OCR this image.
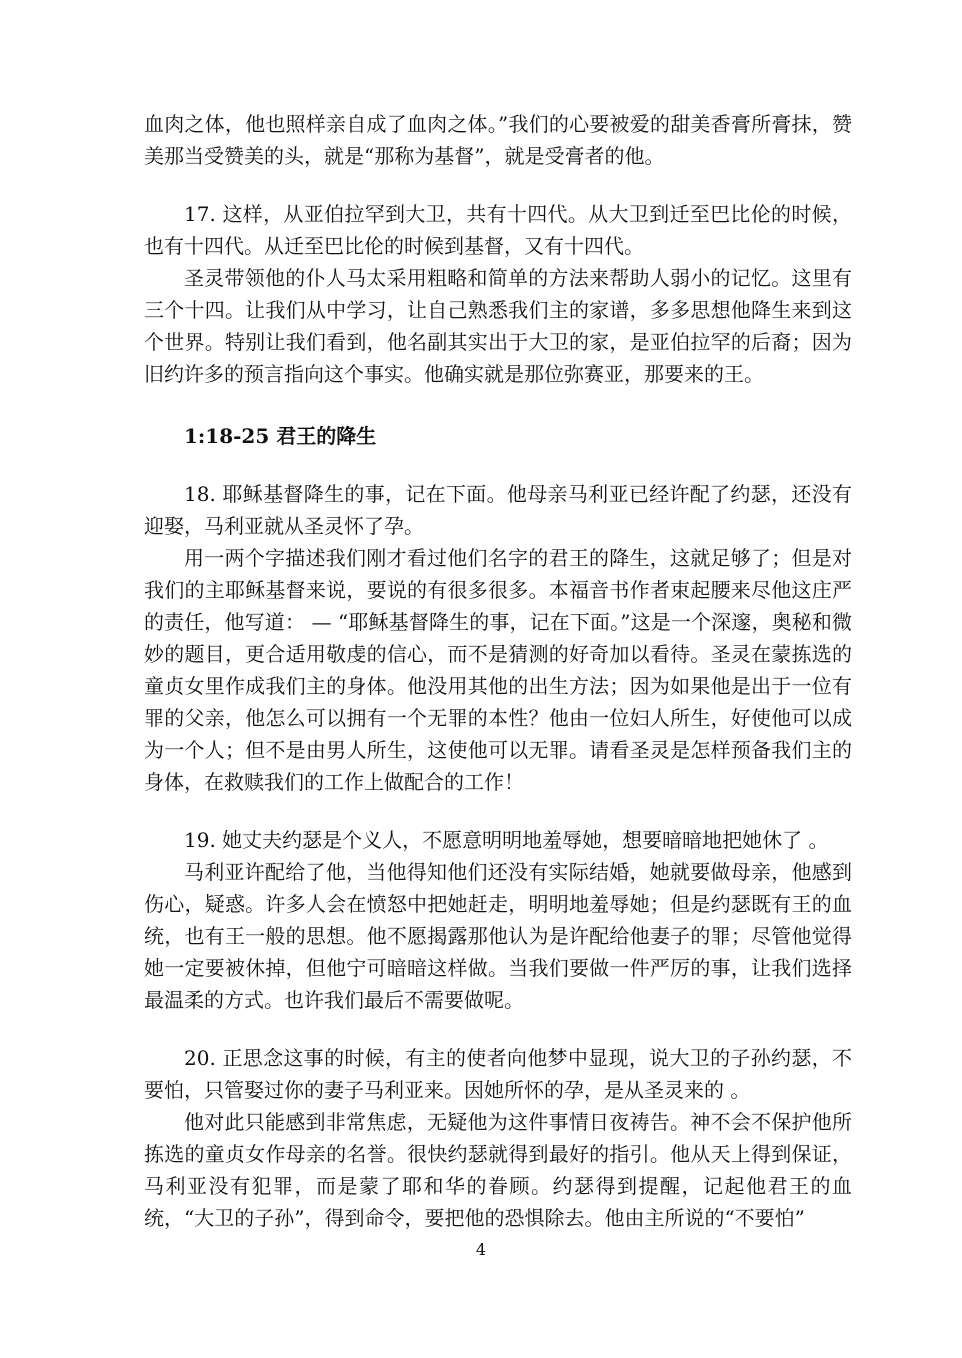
血肉之体，他也照样亲自成了血肉之体。”我们的心要被爱的甜美香膏所膏抹，赞美那当受赞美的头，就是“那称为基督”，就是受膏者的他。

17. 这样，从亚伯拉罕到大卫，共有十四代。从大卫到迁至巴比伦的时候，也有十四代。从迁至巴比伦的时候到基督，又有十四代。

圣灵带领他的仆人马太采用粗略和简单的方法来帮助人弱小的记忆。这里有三个十四。让我们从中学习，让自己熟悉我们主的家谱，多多思想他降生来到这个世界。特别让我们看到，他名副其实出于大卫的家，是亚伯拉罕的后裔；因为旧约许多的预言指向这个事实。他确实就是那位弥赛亚，那要来的王。

1:18-25 君王的降生

18. 耶稣基督降生的事，记在下面。他母亲马利亚已经许配了约瑟，还没有迎娶，马利亚就从圣灵怀了孕。

用一两个字描述我们刚才看过他们名字的君王的降生，这就足够了；但是对我们的主耶稣基督来说，要说的有很多很多。本福音书作者束起腰来尽他这庄严的责任，他写道： — “耶稣基督降生的事，记在下面。”这是一个深邃，奥秘和微妙的题目，更合适用敬虔的信心，而不是猜测的好奇加以看待。圣灵在蒙拣选的童贞女里作成我们主的身体。他没用其他的出生方法；因为如果他是出于一位有罪的父亲，他怎么可以拥有一个无罪的本性？他由一位妇人所生，好使他可以成为一个人；但不是由男人所生，这使他可以无罪。请看圣灵是怎样预备我们主的身体，在救赎我们的工作上做配合的工作！

19. 她丈夫约瑟是个义人，不愿意明明地羞辱她，想要暗暗地把她休了 。

马利亚许配给了他，当他得知他们还没有实际结婚，她就要做母亲，他感到伤心，疑惑。许多人会在愤怒中把她赶走，明明地羞辱她；但是约瑟既有王的血统，也有王一般的思想。他不愿揭露那他认为是许配给他妻子的罪；尽管他觉得她一定要被休掉，但他宁可暗暗这样做。当我们要做一件严厉的事，让我们选择最温柔的方式。也许我们最后不需要做呢。

20. 正思念这事的时候，有主的使者向他梦中显现，说大卫的子孙约瑟，不要怕，只管娶过你的妻子马利亚来。因她所怀的孕，是从圣灵来的 。

他对此只能感到非常焦虑，无疑他为这件事情日夜祷告。神不会不保护他所拣选的童贞女作母亲的名誉。很快约瑟就得到最好的指引。他从天上得到保证，马利亚没有犯罪，而是蒙了耶和华的眷顾。约瑟得到提醒，记起他君王的血统，“大卫的子孙”，得到命令，要把他的恐惧除去。他由主所说的“不要怕”

4
